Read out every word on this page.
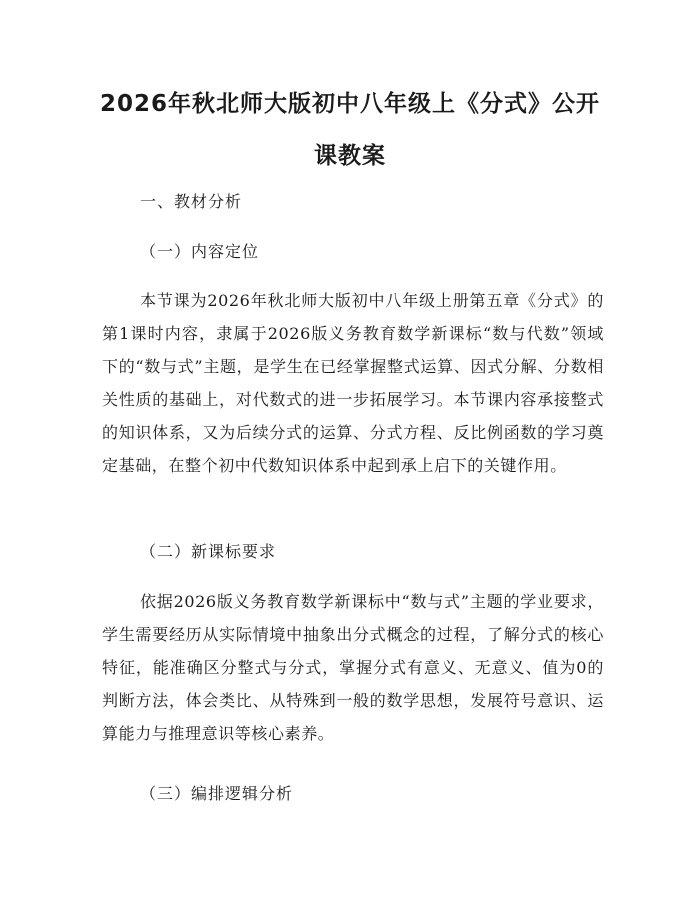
2026年秋北师大版初中八年级上《分式》公开课教案
一、教材分析
（一）内容定位

本节课为2026年秋北师大版初中八年级上册第五章《分式》的第1课时内容，隶属于2026版义务教育数学新课标“数与代数”领域下的“数与式”主题，是学生在已经掌握整式运算、因式分解、分数相关性质的基础上，对代数式的进一步拓展学习。本节课内容承接整式的知识体系，又为后续分式的运算、分式方程、反比例函数的学习奠定基础，在整个初中代数知识体系中起到承上启下的关键作用。

（二）新课标要求

依据2026版义务教育数学新课标中“数与式”主题的学业要求，学生需要经历从实际情境中抽象出分式概念的过程，了解分式的核心特征，能准确区分整式与分式，掌握分式有意义、无意义、值为0的判断方法，体会类比、从特殊到一般的数学思想，发展符号意识、运算能力与推理意识等核心素养。

（三）编排逻辑分析
